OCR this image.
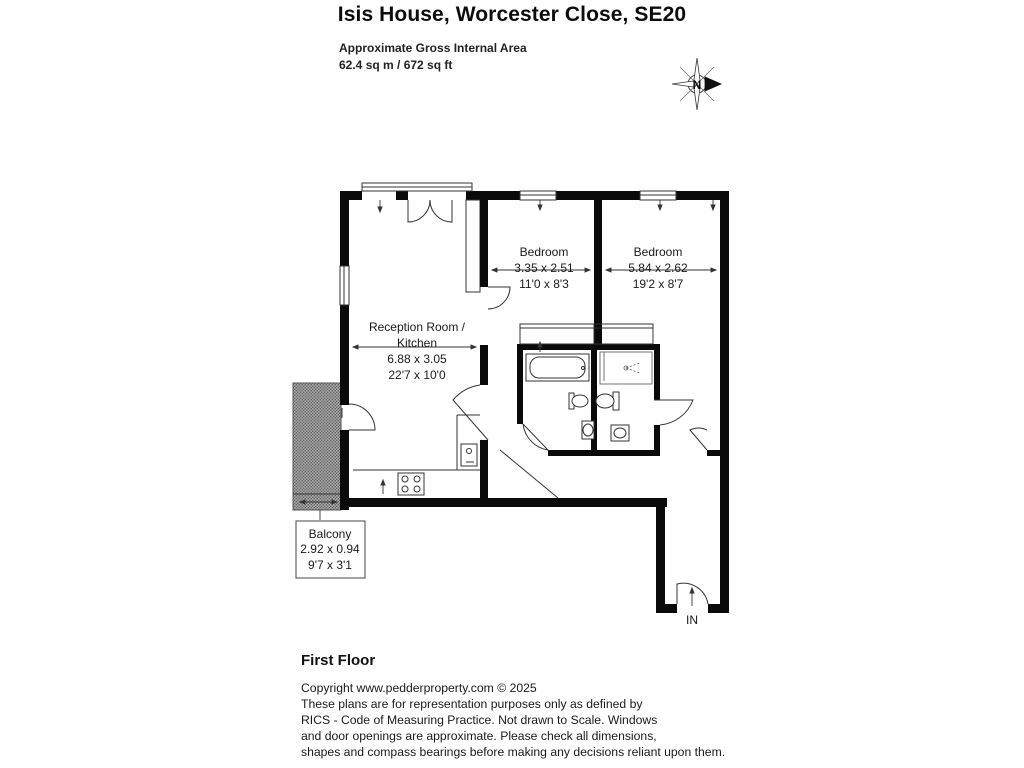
Isis House, Worcester Close, SE20
Approximate Gross Internal Area
62.4 sq m / 672 sq ft
N
Reception Room /
Kitchen
6.88 x 3.05
22'7 x 10'0
Bedroom
3.35 x 2.51
11'0 x 8'3
Bedroom
5.84 x 2.62
19'2 x 8'7
Balcony
2.92 x 0.94
9'7 x 3'1
IN
First Floor
Copyright www.pedderproperty.com © 2025
These plans are for representation purposes only as defined by
RICS - Code of Measuring Practice. Not drawn to Scale. Windows
and door openings are approximate. Please check all dimensions,
shapes and compass bearings before making any decisions reliant upon them.
